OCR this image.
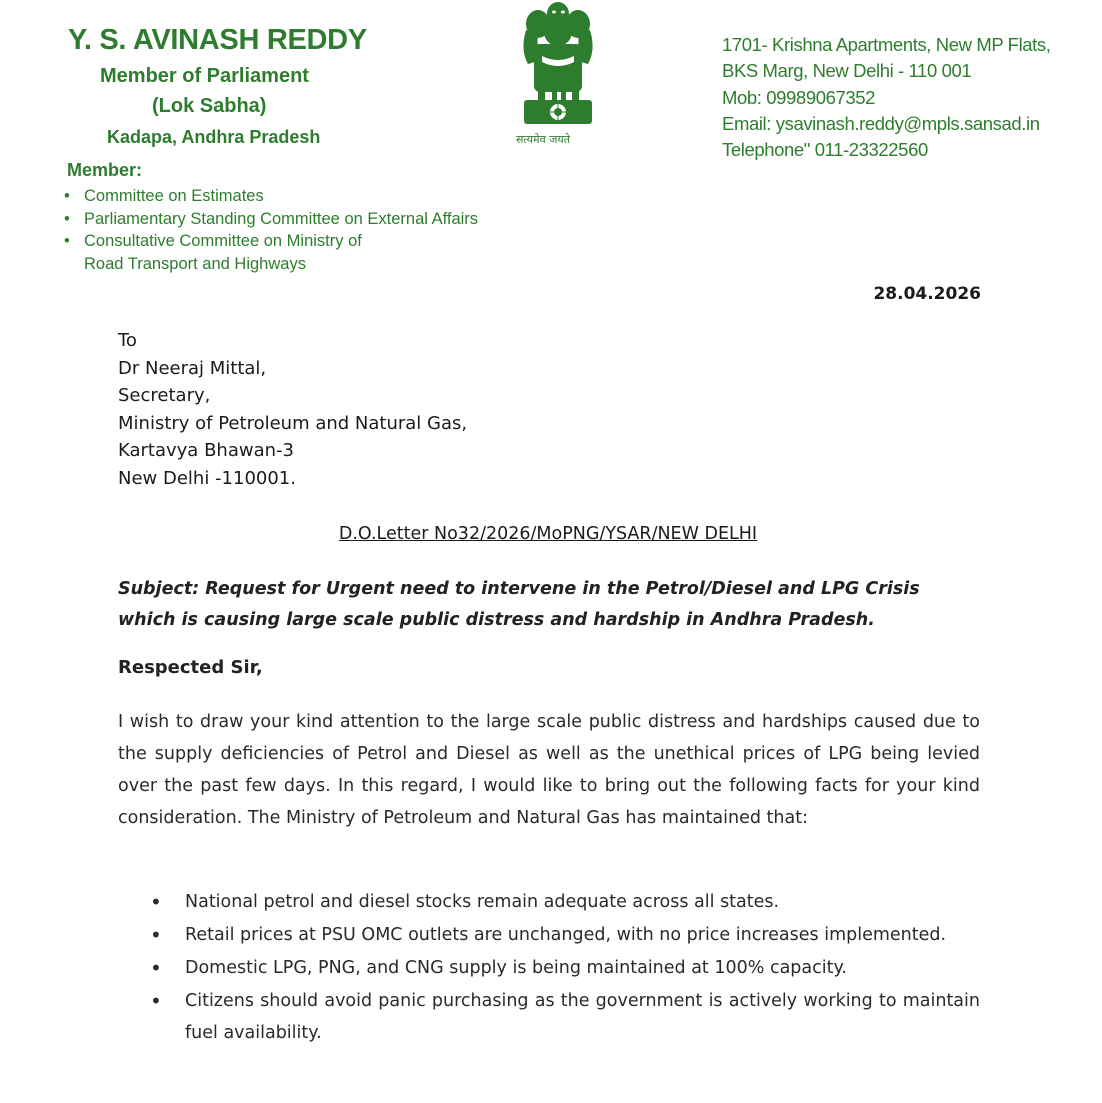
Y. S. AVINASH REDDY
Member of Parliament
(Lok Sabha)
Kadapa, Andhra Pradesh
Member:
• Committee on Estimates
• Parliamentary Standing Committee on External Affairs
• Consultative Committee on Ministry of
Road Transport and Highways
सत्यमेव जयते
1701- Krishna Apartments, New MP Flats,
BKS Marg, New Delhi - 110 001
Mob: 09989067352
Email: ysavinash.reddy@mpls.sansad.in
Telephone" 011-23322560
28.04.2026
To
Dr Neeraj Mittal,
Secretary,
Ministry of Petroleum and Natural Gas,
Kartavya Bhawan-3
New Delhi -110001.
D.O.Letter No32/2026/MoPNG/YSAR/NEW DELHI
Subject: Request for Urgent need to intervene in the Petrol/Diesel and LPG Crisis which is causing large scale public distress and hardship in Andhra Pradesh.
Respected Sir,
I wish to draw your kind attention to the large scale public distress and hardships caused due to the supply deficiencies of Petrol and Diesel as well as the unethical prices of LPG being levied over the past few days. In this regard, I would like to bring out the following facts for your kind consideration. The Ministry of Petroleum and Natural Gas has maintained that:
• National petrol and diesel stocks remain adequate across all states.
• Retail prices at PSU OMC outlets are unchanged, with no price increases implemented.
• Domestic LPG, PNG, and CNG supply is being maintained at 100% capacity.
• Citizens should avoid panic purchasing as the government is actively working to maintain fuel availability.
